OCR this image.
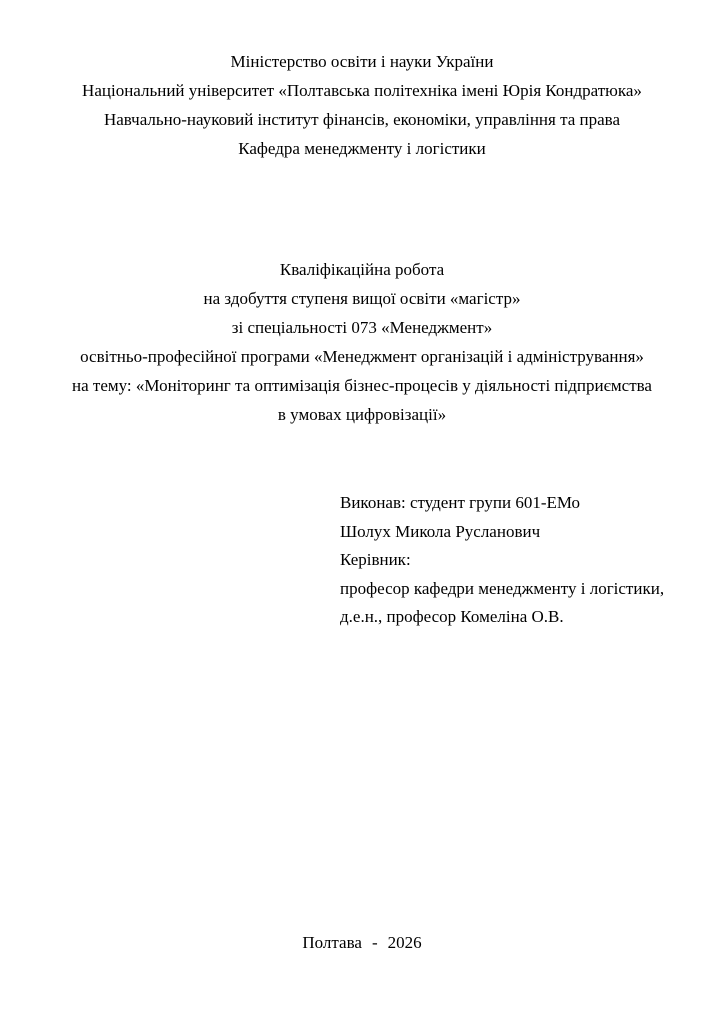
Міністерство освіти і науки України
Національний університет «Полтавська політехніка імені Юрія Кондратюка»
Навчально-науковий інститут фінансів, економіки, управління та права
Кафедра менеджменту і логістики
Кваліфікаційна робота
на здобуття ступеня вищої освіти «магістр»
зі спеціальності 073 «Менеджмент»
освітньо-професійної програми «Менеджмент організацій і адміністрування»
на тему: «Моніторинг та оптимізація бізнес-процесів у діяльності підприємства
в умовах цифровізації»
Виконав: студент групи 601-ЕМо
Шолух Микола Русланович
Керівник:
професор кафедри менеджменту і логістики,
д.е.н., професор Комеліна О.В.
Полтава - 2026
